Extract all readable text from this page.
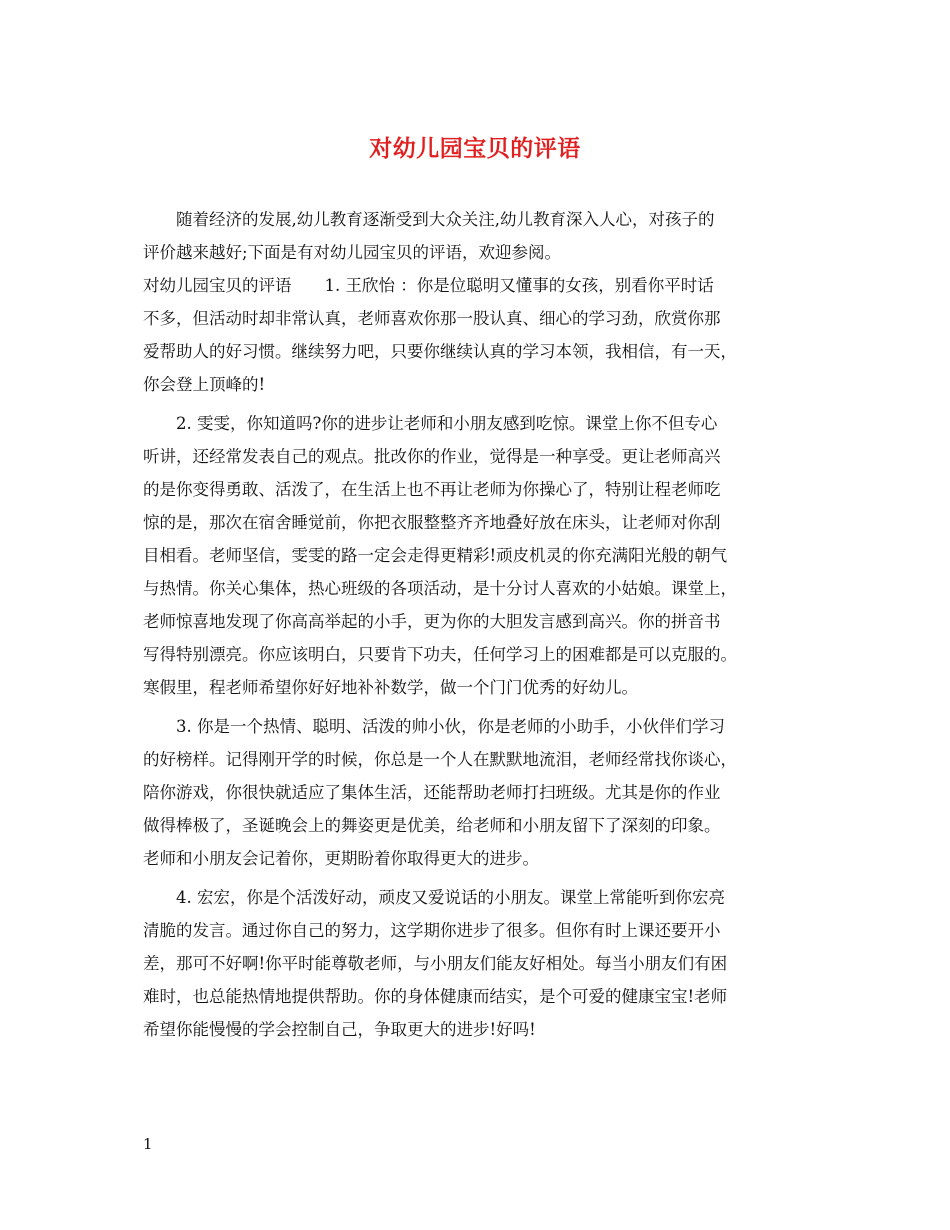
对幼儿园宝贝的评语
随着经济的发展,幼儿教育逐渐受到大众关注,幼儿教育深入人心，对孩子的
评价越来越好;下面是有对幼儿园宝贝的评语，欢迎参阅。
对幼儿园宝贝的评语　　1. 王欣怡 ：你是位聪明又懂事的女孩，别看你平时话
不多，但活动时却非常认真，老师喜欢你那一股认真、细心的学习劲，欣赏你那
爱帮助人的好习惯。继续努力吧，只要你继续认真的学习本领，我相信，有一天，
你会登上顶峰的!
2. 雯雯，你知道吗?你的进步让老师和小朋友感到吃惊。课堂上你不但专心
听讲，还经常发表自己的观点。批改你的作业，觉得是一种享受。更让老师高兴
的是你变得勇敢、活泼了，在生活上也不再让老师为你操心了，特别让程老师吃
惊的是，那次在宿舍睡觉前，你把衣服整整齐齐地叠好放在床头，让老师对你刮
目相看。老师坚信，雯雯的路一定会走得更精彩!顽皮机灵的你充满阳光般的朝气
与热情。你关心集体，热心班级的各项活动，是十分讨人喜欢的小姑娘。课堂上，
老师惊喜地发现了你高高举起的小手，更为你的大胆发言感到高兴。你的拼音书
写得特别漂亮。你应该明白，只要肯下功夫，任何学习上的困难都是可以克服的。
寒假里，程老师希望你好好地补补数学，做一个门门优秀的好幼儿。
3. 你是一个热情、聪明、活泼的帅小伙，你是老师的小助手，小伙伴们学习
的好榜样。记得刚开学的时候，你总是一个人在默默地流泪，老师经常找你谈心，
陪你游戏，你很快就适应了集体生活，还能帮助老师打扫班级。尤其是你的作业
做得棒极了，圣诞晚会上的舞姿更是优美，给老师和小朋友留下了深刻的印象。
老师和小朋友会记着你，更期盼着你取得更大的进步。
4. 宏宏，你是个活泼好动，顽皮又爱说话的小朋友。课堂上常能听到你宏亮
清脆的发言。通过你自己的努力，这学期你进步了很多。但你有时上课还要开小
差，那可不好啊!你平时能尊敬老师，与小朋友们能友好相处。每当小朋友们有困
难时，也总能热情地提供帮助。你的身体健康而结实，是个可爱的健康宝宝!老师
希望你能慢慢的学会控制自己，争取更大的进步!好吗!
1
